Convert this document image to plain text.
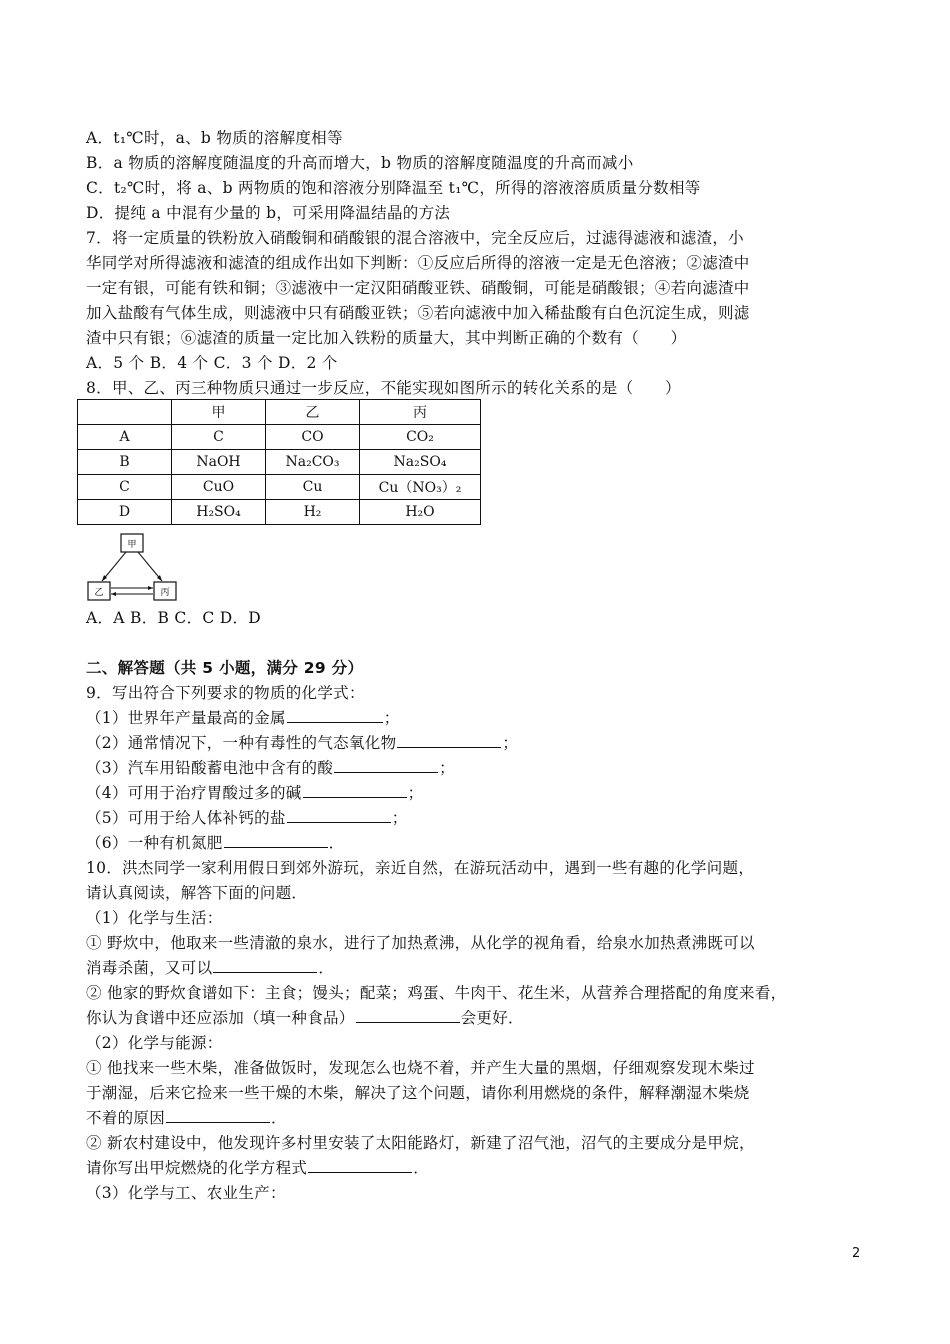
A．t₁℃时，a、b 物质的溶解度相等
B．a 物质的溶解度随温度的升高而增大，b 物质的溶解度随温度的升高而减小
C．t₂℃时，将 a、b 两物质的饱和溶液分别降温至 t₁℃，所得的溶液溶质质量分数相等
D．提纯 a 中混有少量的 b，可采用降温结晶的方法
7．将一定质量的铁粉放入硝酸铜和硝酸银的混合溶液中，完全反应后，过滤得滤液和滤渣，小
华同学对所得滤液和滤渣的组成作出如下判断：①反应后所得的溶液一定是无色溶液；②滤渣中
一定有银，可能有铁和铜；③滤液中一定汉阳硝酸亚铁、硝酸铜，可能是硝酸银；④若向滤渣中
加入盐酸有气体生成，则滤液中只有硝酸亚铁；⑤若向滤液中加入稀盐酸有白色沉淀生成，则滤
渣中只有银；⑥滤渣的质量一定比加入铁粉的质量大，其中判断正确的个数有（　　）
A．5 个 B．4 个 C．3 个 D．2 个
8．甲、乙、丙三种物质只通过一步反应，不能实现如图所示的转化关系的是（　　）
	甲	乙	丙
A	C	CO	CO₂
B	NaOH	Na₂CO₃	Na₂SO₄
C	CuO	Cu	Cu（NO₃）₂
D	H₂SO₄	H₂	H₂O
甲
乙	丙
A．A B．B C．C D．D
二、解答题（共 5 小题，满分 29 分）
9．写出符合下列要求的物质的化学式：
（1）世界年产量最高的金属	；
（2）通常情况下，一种有毒性的气态氧化物	；
（3）汽车用铅酸蓄电池中含有的酸	；
（4）可用于治疗胃酸过多的碱	；
（5）可用于给人体补钙的盐	；
（6）一种有机氮肥	．
10．洪杰同学一家利用假日到郊外游玩，亲近自然，在游玩活动中，遇到一些有趣的化学问题，
请认真阅读，解答下面的问题．
（1）化学与生活：
① 野炊中，他取来一些清澈的泉水，进行了加热煮沸，从化学的视角看，给泉水加热煮沸既可以
消毒杀菌，又可以	．
② 他家的野炊食谱如下：主食；馒头；配菜；鸡蛋、牛肉干、花生米，从营养合理搭配的角度来看，
你认为食谱中还应添加（填一种食品）	会更好．
（2）化学与能源：
① 他找来一些木柴，准备做饭时，发现怎么也烧不着，并产生大量的黑烟，仔细观察发现木柴过
于潮湿，后来它捡来一些干燥的木柴，解决了这个问题，请你利用燃烧的条件，解释潮湿木柴烧
不着的原因	．
② 新农村建设中，他发现许多村里安装了太阳能路灯，新建了沼气池，沼气的主要成分是甲烷，
请你写出甲烷燃烧的化学方程式	．
（3）化学与工、农业生产：
2
